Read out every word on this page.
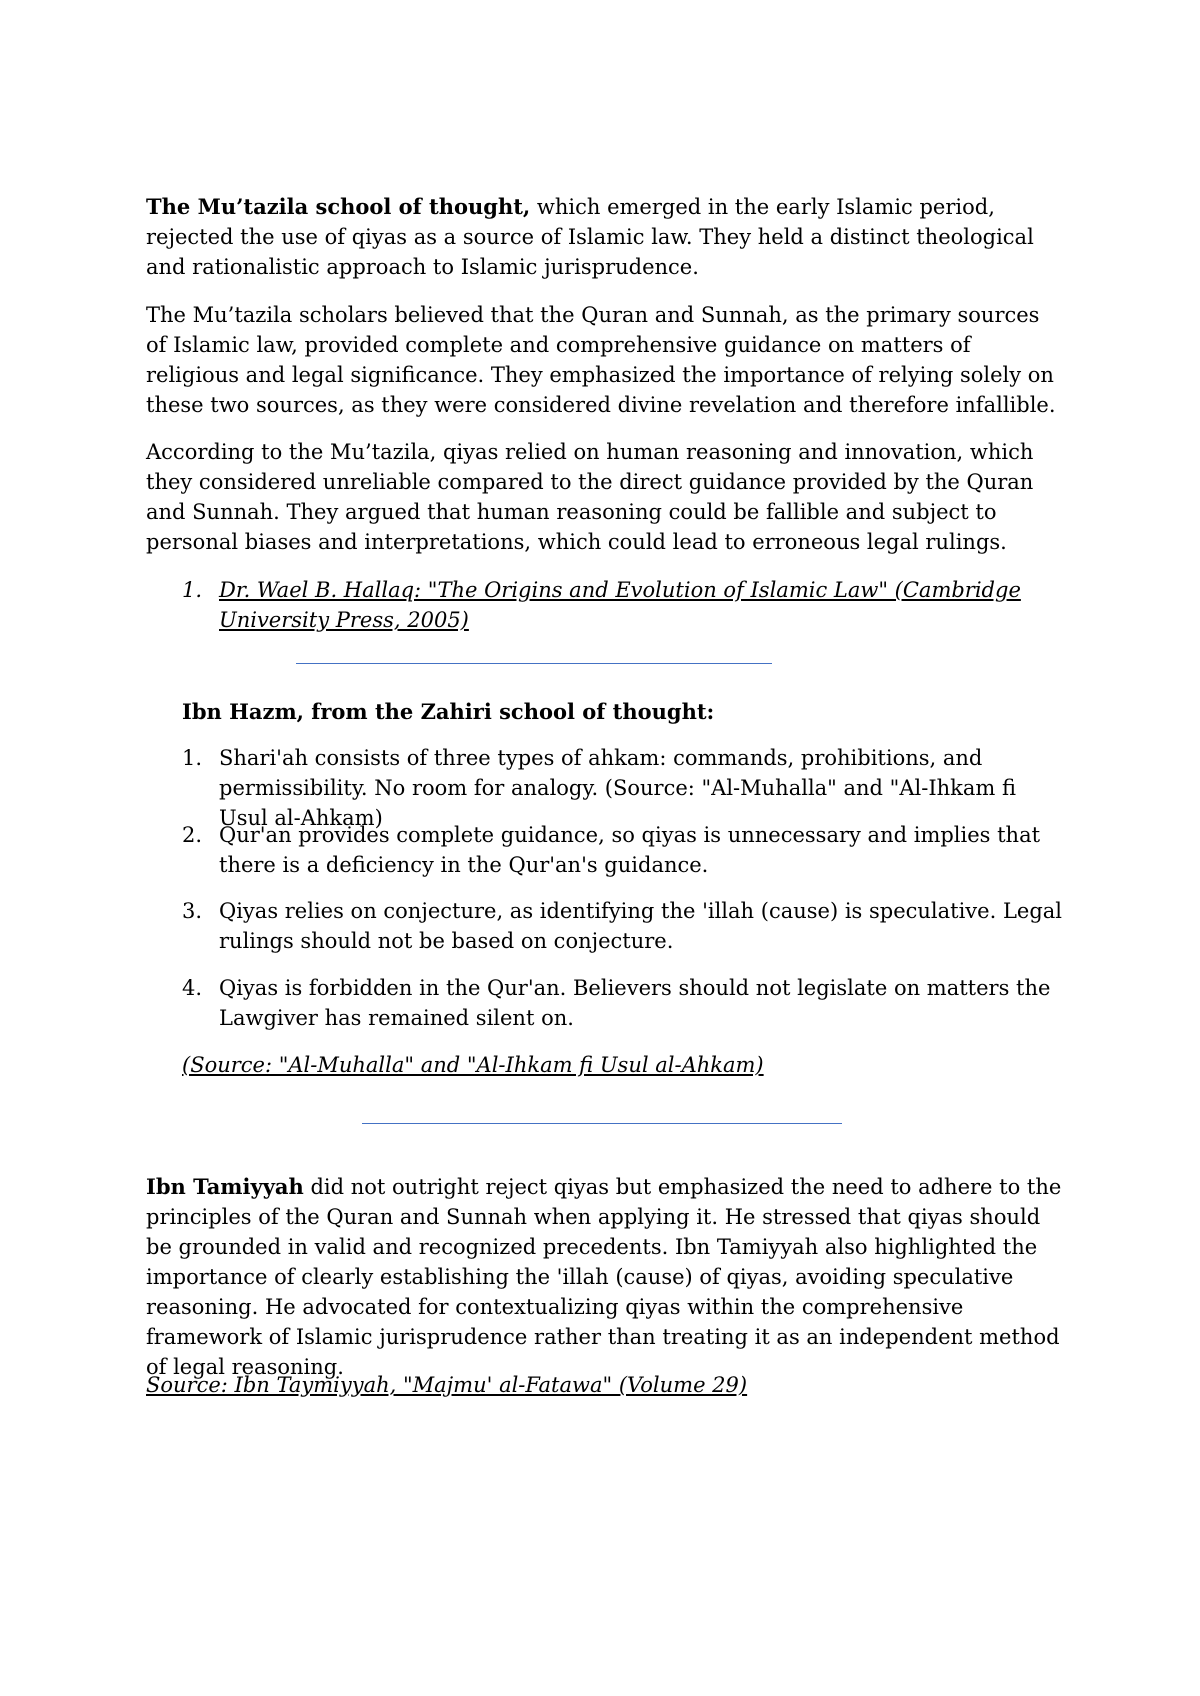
The Mu’tazila school of thought, which emerged in the early Islamic period, rejected the use of qiyas as a source of Islamic law. They held a distinct theological and rationalistic approach to Islamic jurisprudence.

The Mu’tazila scholars believed that the Quran and Sunnah, as the primary sources of Islamic law, provided complete and comprehensive guidance on matters of religious and legal significance. They emphasized the importance of relying solely on these two sources, as they were considered divine revelation and therefore infallible.

According to the Mu’tazila, qiyas relied on human reasoning and innovation, which they considered unreliable compared to the direct guidance provided by the Quran and Sunnah. They argued that human reasoning could be fallible and subject to personal biases and interpretations, which could lead to erroneous legal rulings.

1. Dr. Wael B. Hallaq: "The Origins and Evolution of Islamic Law" (Cambridge University Press, 2005)

Ibn Hazm, from the Zahiri school of thought:

1. Shari'ah consists of three types of ahkam: commands, prohibitions, and permissibility. No room for analogy. (Source: "Al-Muhalla" and "Al-Ihkam fi Usul al-Ahkam)
2. Qur'an provides complete guidance, so qiyas is unnecessary and implies that there is a deficiency in the Qur'an's guidance.
3. Qiyas relies on conjecture, as identifying the 'illah (cause) is speculative. Legal rulings should not be based on conjecture.
4. Qiyas is forbidden in the Qur'an. Believers should not legislate on matters the Lawgiver has remained silent on.

(Source: "Al-Muhalla" and "Al-Ihkam fi Usul al-Ahkam)

Ibn Tamiyyah did not outright reject qiyas but emphasized the need to adhere to the principles of the Quran and Sunnah when applying it. He stressed that qiyas should be grounded in valid and recognized precedents. Ibn Tamiyyah also highlighted the importance of clearly establishing the 'illah (cause) of qiyas, avoiding speculative reasoning. He advocated for contextualizing qiyas within the comprehensive framework of Islamic jurisprudence rather than treating it as an independent method of legal reasoning.

Source: Ibn Taymiyyah, "Majmu' al-Fatawa" (Volume 29)
